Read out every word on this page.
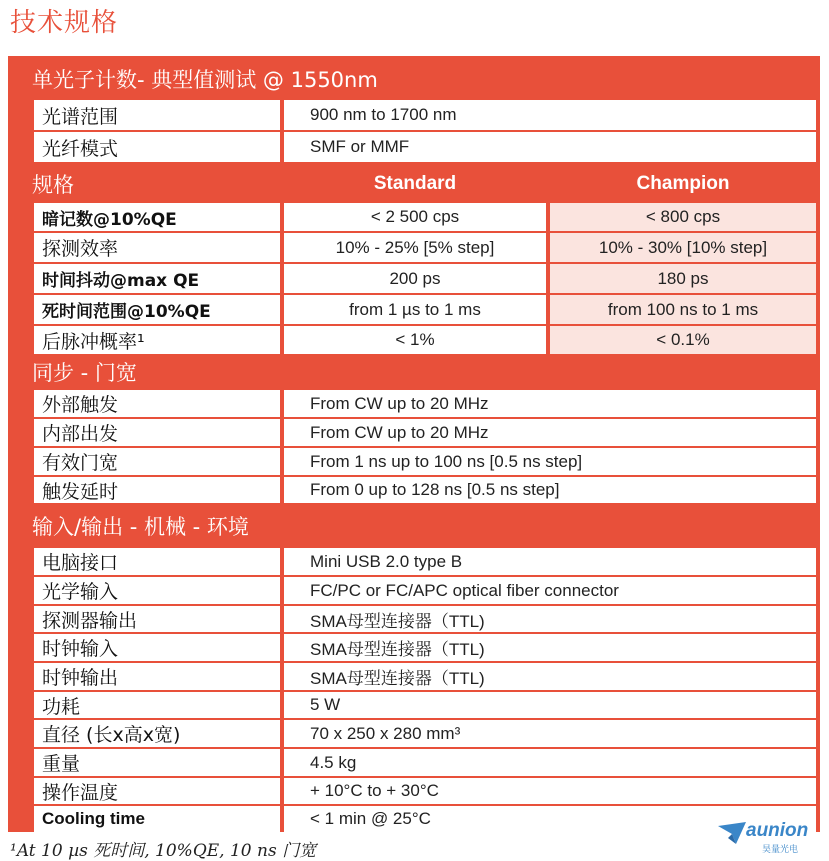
技术规格
单光子计数- 典型值测试 @ 1550nm
光谱范围	900 nm to 1700 nm
光纤模式	SMF or MMF
规格	Standard	Champion
暗记数@10%QE	< 2 500 cps	< 800 cps
探测效率	10% - 25% [5% step]	10% - 30% [10% step]
时间抖动@max QE	200 ps	180 ps
死时间范围@10%QE	from 1 µs to 1 ms	from 100 ns to 1 ms
后脉冲概率¹	< 1%	< 0.1%
同步 - 门宽
外部触发	From CW up to 20 MHz
内部出发	From CW up to 20 MHz
有效门宽	From 1 ns up to 100 ns [0.5 ns step]
触发延时	From 0 up to 128 ns [0.5 ns step]
输入/输出 - 机械 - 环境
电脑接口	Mini USB 2.0 type B
光学输入	FC/PC or FC/APC optical fiber connector
探测器输出	SMA母型连接器（TTL)
时钟输入	SMA母型连接器（TTL)
时钟输出	SMA母型连接器（TTL)
功耗	5 W
直径 (长x高x宽)	70 x 250 x 280 mm³
重量	4.5 kg
操作温度	+ 10°C to + 30°C
Cooling time	< 1 min @ 25°C
¹At 10 µs 死时间, 10%QE, 10 ns 门宽
aunion
昊量光电
